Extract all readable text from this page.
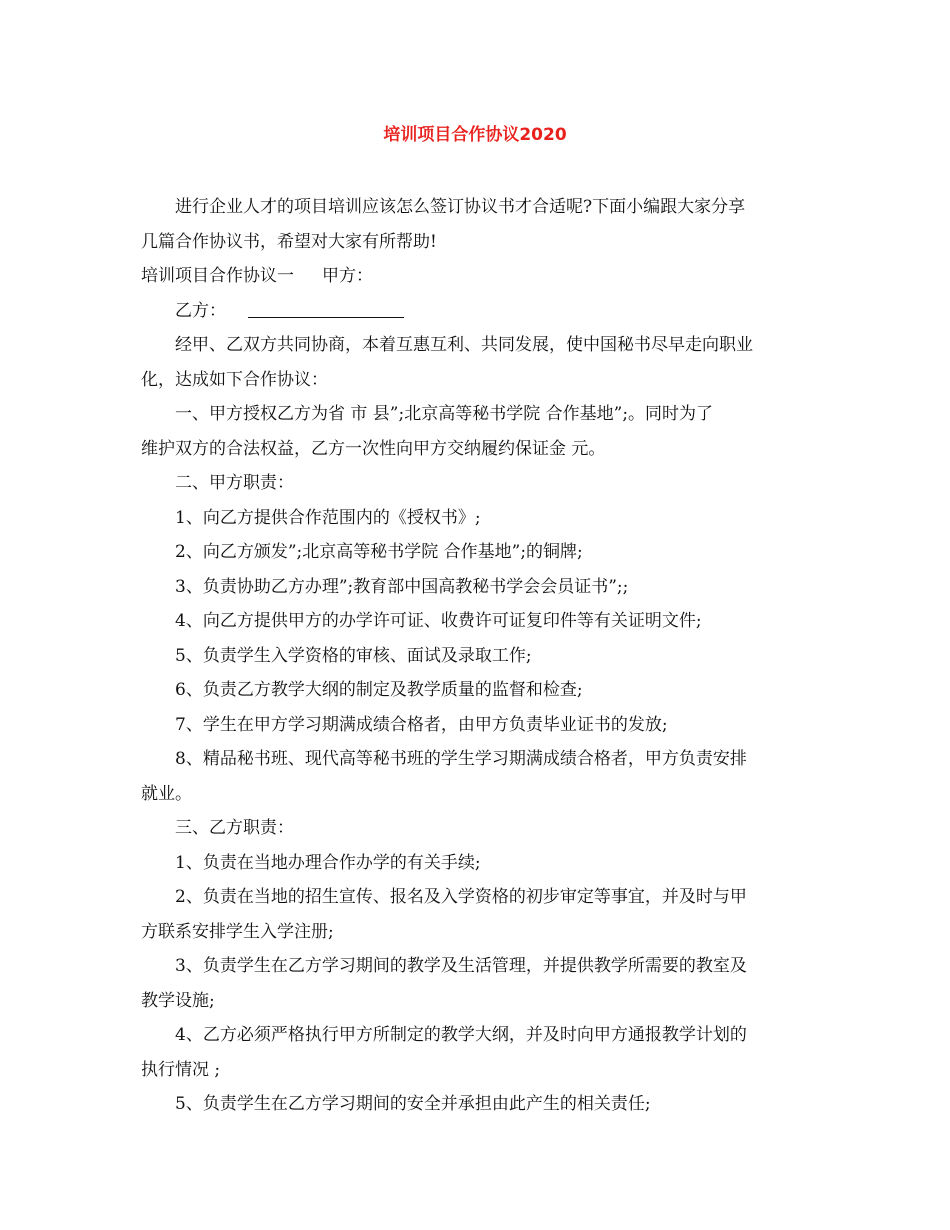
培训项目合作协议2020
进行企业人才的项目培训应该怎么签订协议书才合适呢?下面小编跟大家分享
几篇合作协议书，希望对大家有所帮助!
培训项目合作协议一 甲方：
乙方：
经甲、乙双方共同协商，本着互惠互利、共同发展，使中国秘书尽早走向职业
化，达成如下合作协议：
一、甲方授权乙方为省 市 县”;北京高等秘书学院 合作基地”;。同时为了
维护双方的合法权益，乙方一次性向甲方交纳履约保证金 元。
二、甲方职责：
1、向乙方提供合作范围内的《授权书》;
2、向乙方颁发”;北京高等秘书学院 合作基地”;的铜牌;
3、负责协助乙方办理”;教育部中国高教秘书学会会员证书”;;
4、向乙方提供甲方的办学许可证、收费许可证复印件等有关证明文件;
5、负责学生入学资格的审核、面试及录取工作;
6、负责乙方教学大纲的制定及教学质量的监督和检查;
7、学生在甲方学习期满成绩合格者，由甲方负责毕业证书的发放;
8、精品秘书班、现代高等秘书班的学生学习期满成绩合格者，甲方负责安排
就业。
三、乙方职责：
1、负责在当地办理合作办学的有关手续;
2、负责在当地的招生宣传、报名及入学资格的初步审定等事宜，并及时与甲
方联系安排学生入学注册;
3、负责学生在乙方学习期间的教学及生活管理，并提供教学所需要的教室及
教学设施;
4、乙方必须严格执行甲方所制定的教学大纲，并及时向甲方通报教学计划的
执行情况 ;
5、负责学生在乙方学习期间的安全并承担由此产生的相关责任;
